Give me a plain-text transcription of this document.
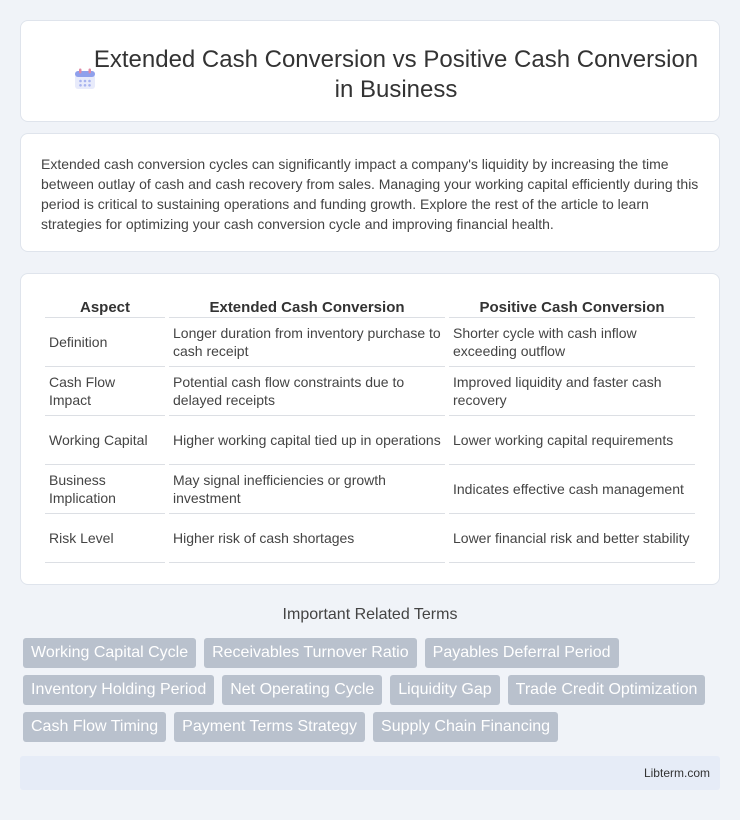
Extended Cash Conversion vs Positive Cash Conversion in Business

Extended cash conversion cycles can significantly impact a company's liquidity by increasing the time between outlay of cash and cash recovery from sales. Managing your working capital efficiently during this period is critical to sustaining operations and funding growth. Explore the rest of the article to learn strategies for optimizing your cash conversion cycle and improving financial health.

Aspect	Extended Cash Conversion	Positive Cash Conversion
Definition	Longer duration from inventory purchase to cash receipt	Shorter cycle with cash inflow exceeding outflow
Cash Flow Impact	Potential cash flow constraints due to delayed receipts	Improved liquidity and faster cash recovery
Working Capital	Higher working capital tied up in operations	Lower working capital requirements
Business Implication	May signal inefficiencies or growth investment	Indicates effective cash management
Risk Level	Higher risk of cash shortages	Lower financial risk and better stability
Important Related Terms
Working Capital Cycle	Receivables Turnover Ratio	Payables Deferral Period
Inventory Holding Period	Net Operating Cycle	Liquidity Gap	Trade Credit Optimization
Cash Flow Timing	Payment Terms Strategy	Supply Chain Financing
Libterm.com
